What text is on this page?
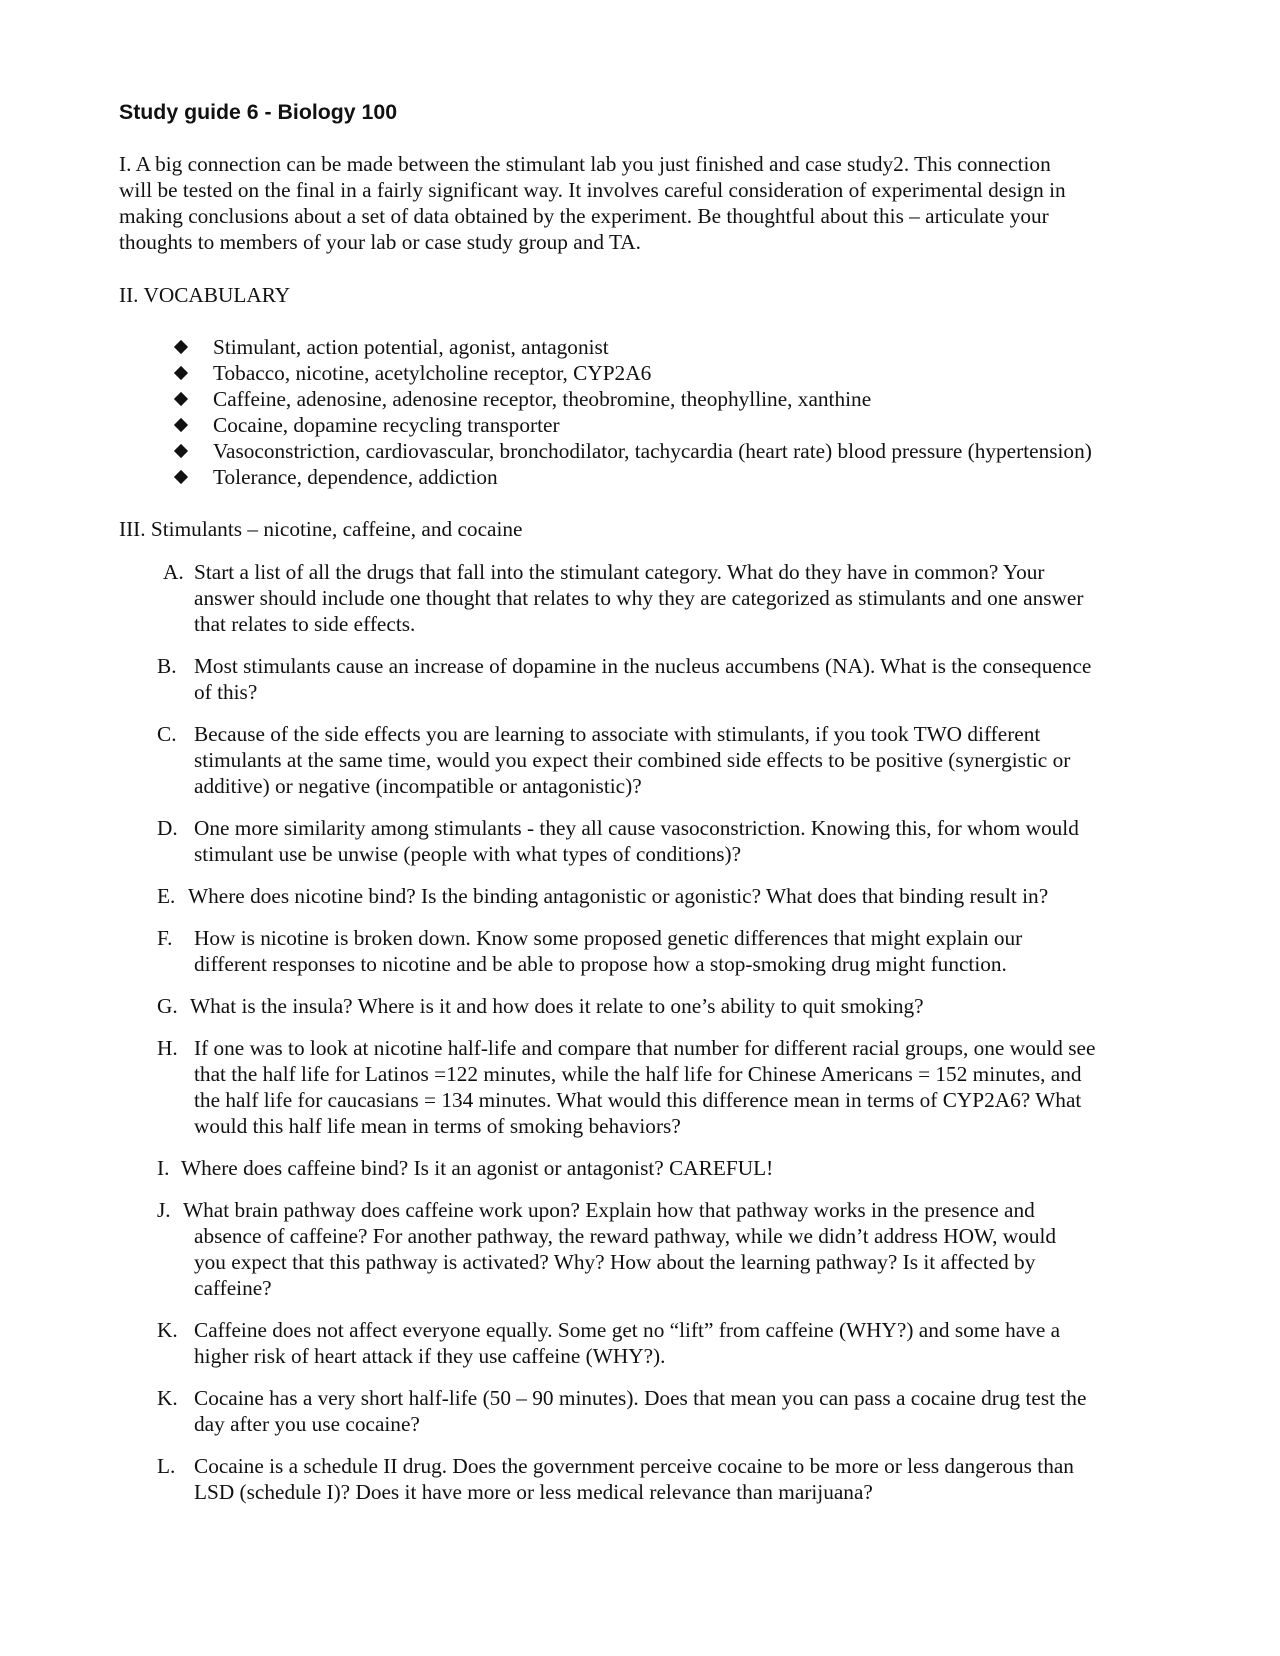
Study guide 6 - Biology 100
I. A big connection can be made between the stimulant lab you just finished and case study2. This connection
will be tested on the final in a fairly significant way. It involves careful consideration of experimental design in
making conclusions about a set of data obtained by the experiment. Be thoughtful about this – articulate your
thoughts to members of your lab or case study group and TA.
II. VOCABULARY
Stimulant, action potential, agonist, antagonist
Tobacco, nicotine, acetylcholine receptor, CYP2A6
Caffeine, adenosine, adenosine receptor, theobromine, theophylline, xanthine
Cocaine, dopamine recycling transporter
Vasoconstriction, cardiovascular, bronchodilator, tachycardia (heart rate) blood pressure (hypertension)
Tolerance, dependence, addiction
III. Stimulants – nicotine, caffeine, and cocaine
A. Start a list of all the drugs that fall into the stimulant category. What do they have in common? Your
answer should include one thought that relates to why they are categorized as stimulants and one answer
that relates to side effects.
B. Most stimulants cause an increase of dopamine in the nucleus accumbens (NA). What is the consequence
of this?
C. Because of the side effects you are learning to associate with stimulants, if you took TWO different
stimulants at the same time, would you expect their combined side effects to be positive (synergistic or
additive) or negative (incompatible or antagonistic)?
D. One more similarity among stimulants - they all cause vasoconstriction. Knowing this, for whom would
stimulant use be unwise (people with what types of conditions)?
E. Where does nicotine bind? Is the binding antagonistic or agonistic? What does that binding result in?
F. How is nicotine is broken down. Know some proposed genetic differences that might explain our
different responses to nicotine and be able to propose how a stop-smoking drug might function.
G. What is the insula? Where is it and how does it relate to one’s ability to quit smoking?
H. If one was to look at nicotine half-life and compare that number for different racial groups, one would see
that the half life for Latinos =122 minutes, while the half life for Chinese Americans = 152 minutes, and
the half life for caucasians = 134 minutes. What would this difference mean in terms of CYP2A6? What
would this half life mean in terms of smoking behaviors?
I. Where does caffeine bind? Is it an agonist or antagonist? CAREFUL!
J. What brain pathway does caffeine work upon? Explain how that pathway works in the presence and
absence of caffeine? For another pathway, the reward pathway, while we didn’t address HOW, would
you expect that this pathway is activated? Why? How about the learning pathway? Is it affected by
caffeine?
K. Caffeine does not affect everyone equally. Some get no “lift” from caffeine (WHY?) and some have a
higher risk of heart attack if they use caffeine (WHY?).
K. Cocaine has a very short half-life (50 – 90 minutes). Does that mean you can pass a cocaine drug test the
day after you use cocaine?
L. Cocaine is a schedule II drug. Does the government perceive cocaine to be more or less dangerous than
LSD (schedule I)? Does it have more or less medical relevance than marijuana?
